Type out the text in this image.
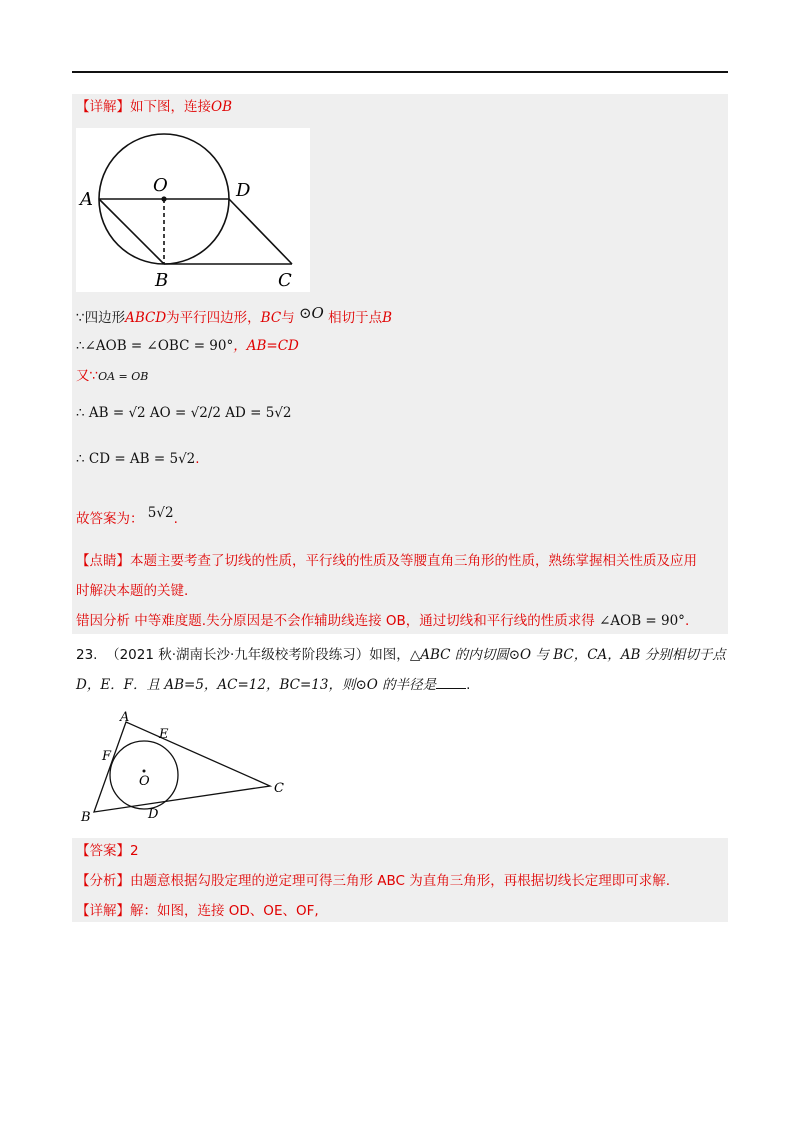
【详解】如下图，连接OB
A
O	D
B	C
∵四边形ABCD为平行四边形，BC与 ⊙O 相切于点B
∴∠AOB = ∠OBC = 90°，AB=CD
又∵OA = OB
∴ AB = √2 AO = √2/2 AD = 5√2
∴ CD = AB = 5√2.
故答案为： 5√2.
【点睛】本题主要考查了切线的性质，平行线的性质及等腰直角三角形的性质，熟练掌握相关性质及应用
时解决本题的关键.
错因分析 中等难度题.失分原因是不会作辅助线连接 OB，通过切线和平行线的性质求得 ∠AOB = 90°.
23. （2021 秋·湖南长沙·九年级校考阶段练习）如图，△ABC 的内切圆⊙O 与 BC，CA，AB 分别相切于点
D，E．F．且 AB=5，AC=12，BC=13，则⊙O 的半径是 .
A
E
F
O	C
B	D
【答案】2
【分析】由题意根据勾股定理的逆定理可得三角形 ABC 为直角三角形，再根据切线长定理即可求解.
【详解】解：如图，连接 OD、OE、OF,
